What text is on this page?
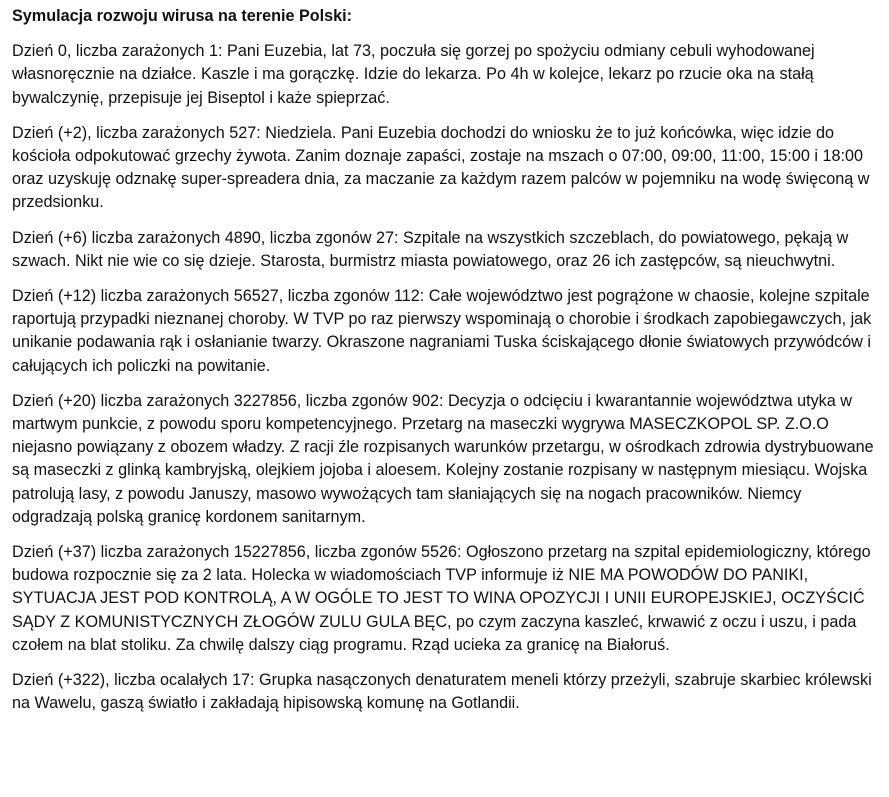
Symulacja rozwoju wirusa na terenie Polski:
Dzień 0, liczba zarażonych 1: Pani Euzebia, lat 73, poczuła się gorzej po spożyciu odmiany cebuli wyhodowanej własnoręcznie na działce. Kaszle i ma gorączkę. Idzie do lekarza. Po 4h w kolejce, lekarz po rzucie oka na stałą bywalczynię, przepisuje jej Biseptol i każe spieprzać.
Dzień (+2), liczba zarażonych 527: Niedziela. Pani Euzebia dochodzi do wniosku że to już końcówka, więc idzie do kościoła odpokutować grzechy żywota. Zanim doznaje zapaści, zostaje na mszach o 07:00, 09:00, 11:00, 15:00 i 18:00 oraz uzyskuję odznakę super-spreadera dnia, za maczanie za każdym razem palców w pojemniku na wodę święconą w przedsionku.
Dzień (+6) liczba zarażonych 4890, liczba zgonów 27: Szpitale na wszystkich szczeblach, do powiatowego, pękają w szwach. Nikt nie wie co się dzieje. Starosta, burmistrz miasta powiatowego, oraz 26 ich zastępców, są nieuchwytni.
Dzień (+12) liczba zarażonych 56527, liczba zgonów 112: Całe województwo jest pogrążone w chaosie, kolejne szpitale raportują przypadki nieznanej choroby. W TVP po raz pierwszy wspominają o chorobie i środkach zapobiegawczych, jak unikanie podawania rąk i osłanianie twarzy. Okraszone nagraniami Tuska ściskającego dłonie światowych przywódców i całujących ich policzki na powitanie.
Dzień (+20) liczba zarażonych 3227856, liczba zgonów 902: Decyzja o odcięciu i kwarantannie województwa utyka w martwym punkcie, z powodu sporu kompetencyjnego. Przetarg na maseczki wygrywa MASECZKOPOL SP. Z.O.O niejasno powiązany z obozem władzy. Z racji źle rozpisanych warunków przetargu, w ośrodkach zdrowia dystrybuowane są maseczki z glinką kambryjską, olejkiem jojoba i aloesem. Kolejny zostanie rozpisany w następnym miesiącu. Wojska patrolują lasy, z powodu Januszy, masowo wywożących tam słaniających się na nogach pracowników. Niemcy odgradzają polską granicę kordonem sanitarnym.
Dzień (+37) liczba zarażonych 15227856, liczba zgonów 5526: Ogłoszono przetarg na szpital epidemiologiczny, którego budowa rozpocznie się za 2 lata. Holecka w wiadomościach TVP informuje iż NIE MA POWODÓW DO PANIKI, SYTUACJA JEST POD KONTROLĄ, A W OGÓLE TO JEST TO WINA OPOZYCJI I UNII EUROPEJSKIEJ, OCZYŚCIĆ SĄDY Z KOMUNISTYCZNYCH ZŁOGÓW ZULU GULA BĘC, po czym zaczyna kaszleć, krwawić z oczu i uszu, i pada czołem na blat stoliku. Za chwilę dalszy ciąg programu. Rząd ucieka za granicę na Białoruś.
Dzień (+322), liczba ocalałych 17: Grupka nasączonych denaturatem meneli którzy przeżyli, szabruje skarbiec królewski na Wawelu, gaszą światło i zakładają hipisowską komunę na Gotlandii.
